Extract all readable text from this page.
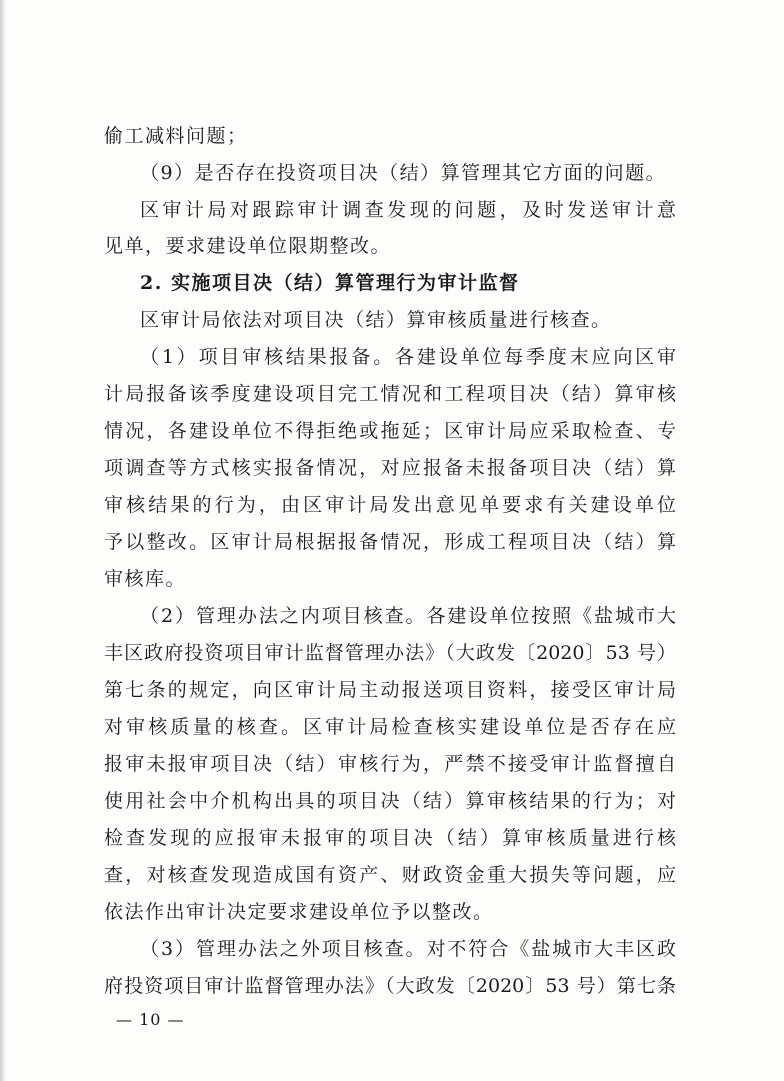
偷工减料问题；

（9）是否存在投资项目决（结）算管理其它方面的问题。

区审计局对跟踪审计调查发现的问题，及时发送审计意

见单，要求建设单位限期整改。

2. 实施项目决（结）算管理行为审计监督

区审计局依法对项目决（结）算审核质量进行核查。

（1）项目审核结果报备。各建设单位每季度末应向区审

计局报备该季度建设项目完工情况和工程项目决（结）算审核

情况，各建设单位不得拒绝或拖延；区审计局应采取检查、专

项调查等方式核实报备情况，对应报备未报备项目决（结）算

审核结果的行为，由区审计局发出意见单要求有关建设单位

予以整改。区审计局根据报备情况，形成工程项目决（结）算

审核库。

（2）管理办法之内项目核查。各建设单位按照《盐城市大

丰区政府投资项目审计监督管理办法》（大政发〔2020〕53 号）

第七条的规定，向区审计局主动报送项目资料，接受区审计局

对审核质量的核查。区审计局检查核实建设单位是否存在应

报审未报审项目决（结）审核行为，严禁不接受审计监督擅自

使用社会中介机构出具的项目决（结）算审核结果的行为；对

检查发现的应报审未报审的项目决（结）算审核质量进行核

查，对核查发现造成国有资产、财政资金重大损失等问题，应

依法作出审计决定要求建设单位予以整改。

（3）管理办法之外项目核查。对不符合《盐城市大丰区政

府投资项目审计监督管理办法》（大政发〔2020〕53 号）第七条

— 10 —
